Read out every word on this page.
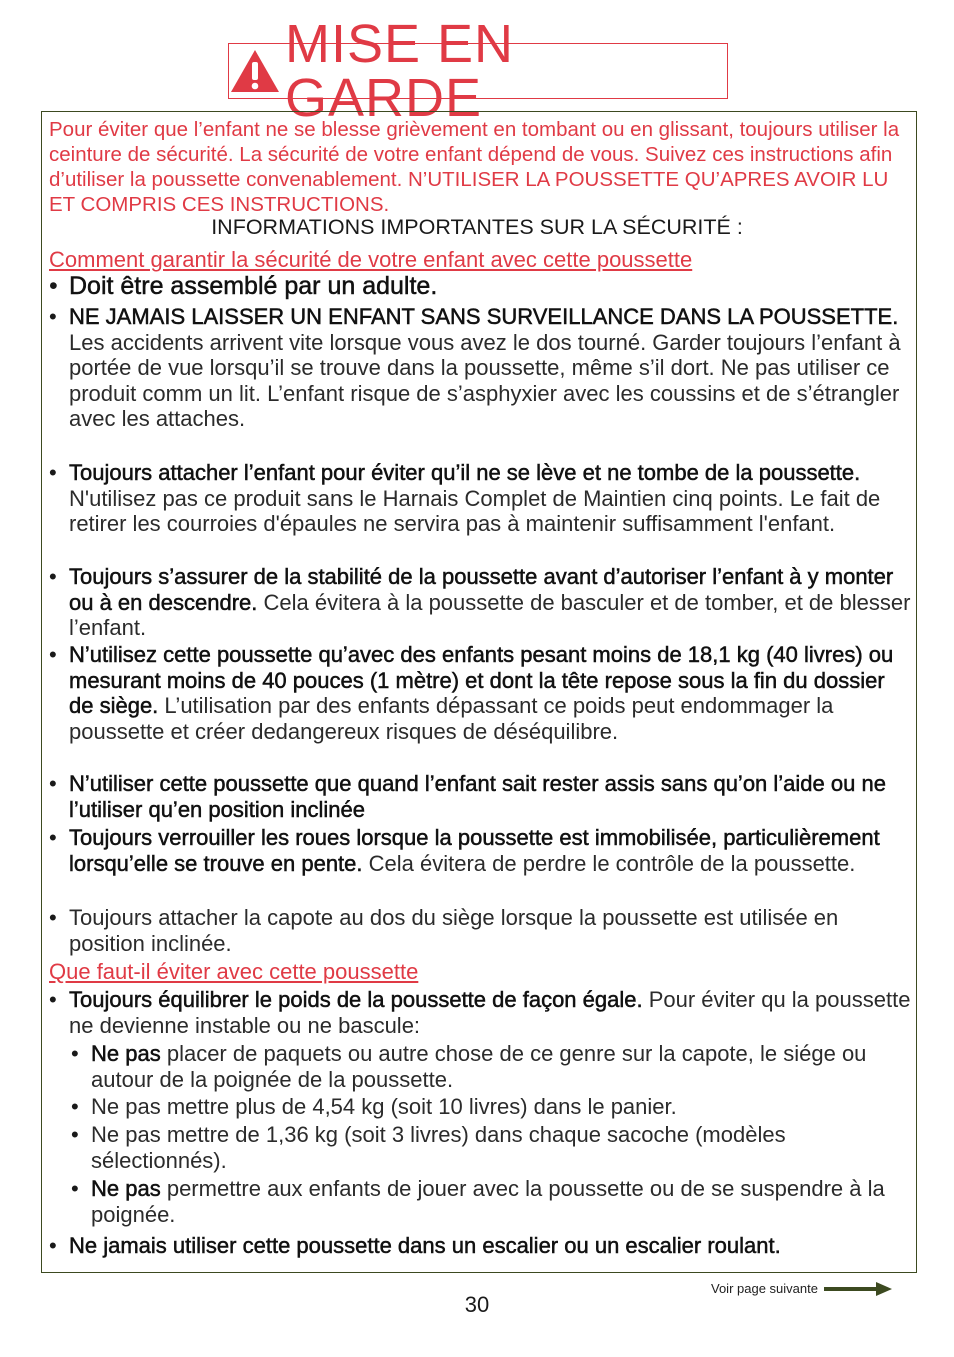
MISE EN GARDE

Pour éviter que l’enfant ne se blesse grièvement en tombant ou en glissant, toujours utiliser la ceinture de sécurité. La sécurité de votre enfant dépend de vous. Suivez ces instructions afin d’utiliser la poussette convenablement. N’UTILISER LA POUSSETTE QU’APRES AVOIR LU ET COMPRIS CES INSTRUCTIONS.

INFORMATIONS IMPORTANTES SUR LA SÉCURITÉ :
Comment garantir la sécurité de votre enfant avec cette poussette
• Doit être assemblé par un adulte.
• NE JAMAIS LAISSER UN ENFANT SANS SURVEILLANCE DANS LA POUSSETTE. Les accidents arrivent vite lorsque vous avez le dos tourné. Garder toujours l’enfant à portée de vue lorsqu’il se trouve dans la poussette, même s’il dort. Ne pas utiliser ce produit comm un lit. L’enfant risque de s’asphyxier avec les coussins et de s’étrangler avec les attaches.
• Toujours attacher l’enfant pour éviter qu’il ne se lève et ne tombe de la poussette. N'utilisez pas ce produit sans le Harnais Complet de Maintien cinq points. Le fait de retirer les courroies d'épaules ne servira pas à maintenir suffisamment l'enfant.
• Toujours s’assurer de la stabilité de la poussette avant d’autoriser l’enfant à y monter ou à en descendre. Cela évitera à la poussette de basculer et de tomber, et de blesser l’enfant.
• N’utilisez cette poussette qu’avec des enfants pesant moins de 18,1 kg (40 livres) ou mesurant moins de 40 pouces (1 mètre) et dont la tête repose sous la fin du dossier de siège. L’utilisation par des enfants dépassant ce poids peut endommager la poussette et créer dedangereux risques de déséquilibre.
• N’utiliser cette poussette que quand l’enfant sait rester assis sans qu’on l’aide ou ne l’utiliser qu’en position inclinée
• Toujours verrouiller les roues lorsque la poussette est immobilisée, particulièrement lorsqu’elle se trouve en pente. Cela évitera de perdre le contrôle de la poussette.
• Toujours attacher la capote au dos du siège lorsque la poussette est utilisée en position inclinée.
Que faut-il éviter avec cette poussette
• Toujours équilibrer le poids de la poussette de façon égale. Pour éviter qu la poussette ne devienne instable ou ne bascule:
• Ne pas placer de paquets ou autre chose de ce genre sur la capote, le siége ou autour de la poignée de la poussette.
• Ne pas mettre plus de 4,54 kg (soit 10 livres) dans le panier.
• Ne pas mettre de 1,36 kg (soit 3 livres) dans chaque sacoche (modèles sélectionnés).
• Ne pas permettre aux enfants de jouer avec la poussette ou de se suspendre à la poignée.
• Ne jamais utiliser cette poussette dans un escalier ou un escalier roulant.
30
Voir page suivante
